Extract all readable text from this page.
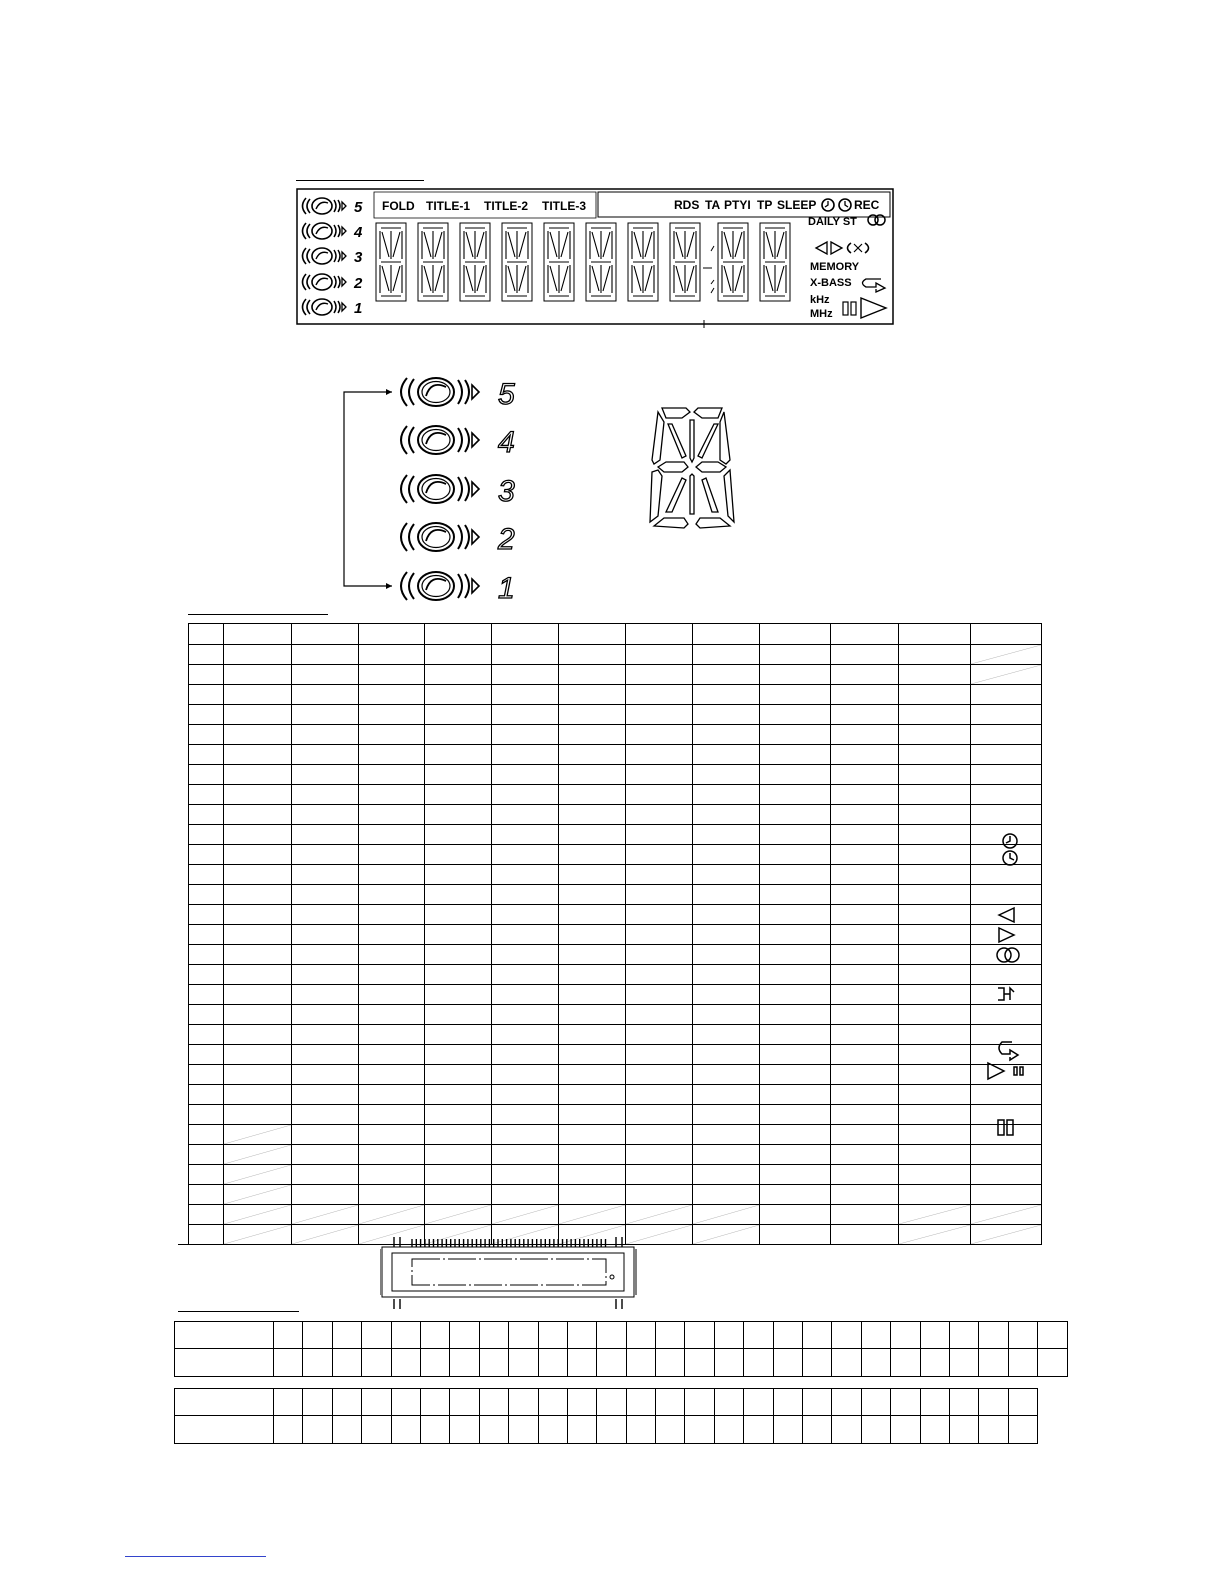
5
4
3
2
1
FOLD TITLE-1 TITLE-2 TITLE-3	RDS TA PTYI TP SLEEP	REC
DAILY ST
MEMORY
X-BASS
kHz
MHz
5
4
3
2
1
